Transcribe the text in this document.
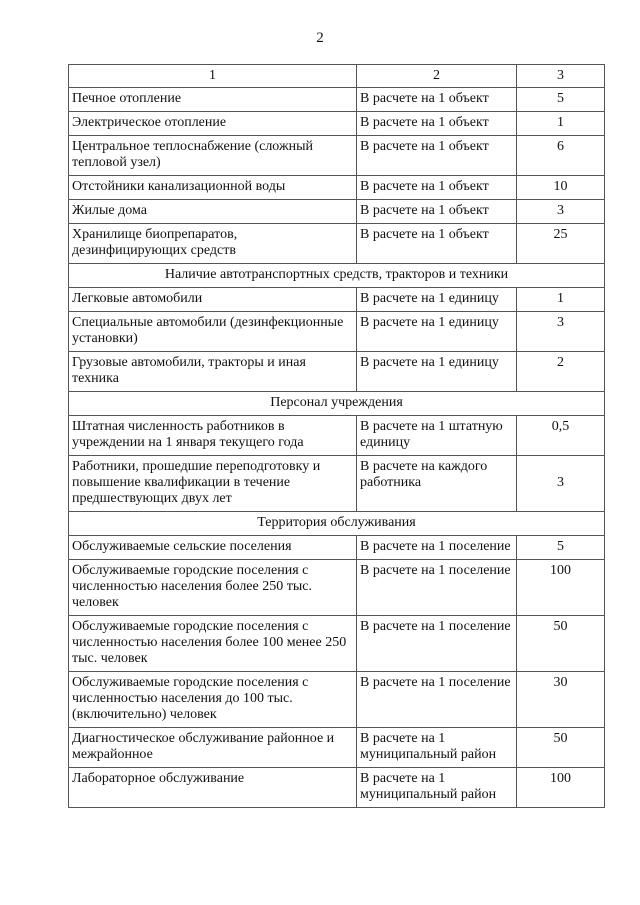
2
1	2	3
Печное отопление	В расчете на 1 объект	5
Электрическое отопление	В расчете на 1 объект	1
Центральное теплоснабжение (сложный тепловой узел)	В расчете на 1 объект	6
Отстойники канализационной воды	В расчете на 1 объект	10
Жилые дома	В расчете на 1 объект	3
Хранилище биопрепаратов, дезинфицирующих средств	В расчете на 1 объект	25
Наличие автотранспортных средств, тракторов и техники		
Легковые автомобили	В расчете на 1 единицу	1
Специальные автомобили (дезинфекционные установки)	В расчете на 1 единицу	3
Грузовые автомобили, тракторы и иная техника	В расчете на 1 единицу	2
Персонал учреждения		
Штатная численность работников в учреждении на 1 января текущего года	В расчете на 1 штатную единицу	0,5
Работники, прошедшие переподготовку и повышение квалификации в течение предшествующих двух лет	В расчете на каждого работника	3
Территория обслуживания		
Обслуживаемые сельские поселения	В расчете на 1 поселение	5
Обслуживаемые городские поселения с численностью населения более 250 тыс. человек	В расчете на 1 поселение	100
Обслуживаемые городские поселения с численностью населения более 100 менее 250 тыс. человек	В расчете на 1 поселение	50
Обслуживаемые городские поселения с численностью населения до 100 тыс. (включительно) человек	В расчете на 1 поселение	30
Диагностическое обслуживание районное и межрайонное	В расчете на 1 муниципальный район	50
Лабораторное обслуживание	В расчете на 1 муниципальный район	100
